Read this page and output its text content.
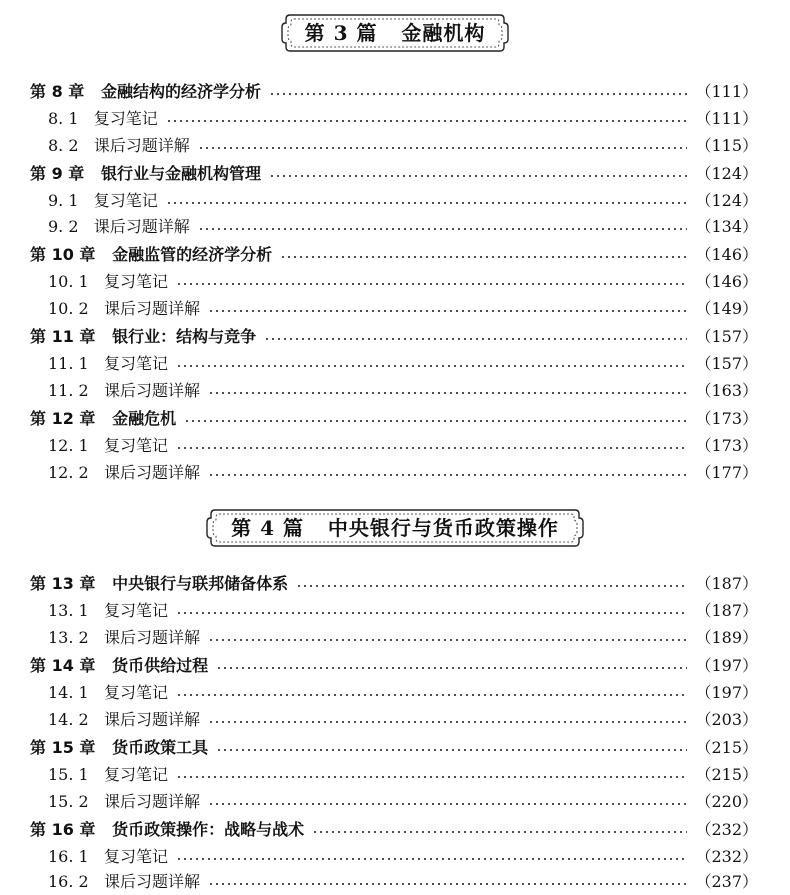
第 3 篇   金融机构
第 8 章   金融结构的经济学分析	（111）
8. 1   复习笔记	（111）
8. 2   课后习题详解	（115）
第 9 章   银行业与金融机构管理	（124）
9. 1   复习笔记	（124）
9. 2   课后习题详解	（134）
第 10 章   金融监管的经济学分析	（146）
10. 1   复习笔记	（146）
10. 2   课后习题详解	（149）
第 11 章   银行业：结构与竞争	（157）
11. 1   复习笔记	（157）
11. 2   课后习题详解	（163）
第 12 章   金融危机	（173）
12. 1   复习笔记	（173）
12. 2   课后习题详解	（177）
第 4 篇   中央银行与货币政策操作
第 13 章   中央银行与联邦储备体系	（187）
13. 1   复习笔记	（187）
13. 2   课后习题详解	（189）
第 14 章   货币供给过程	（197）
14. 1   复习笔记	（197）
14. 2   课后习题详解	（203）
第 15 章   货币政策工具	（215）
15. 1   复习笔记	（215）
15. 2   课后习题详解	（220）
第 16 章   货币政策操作：战略与战术	（232）
16. 1   复习笔记	（232）
16. 2   课后习题详解	（237）
